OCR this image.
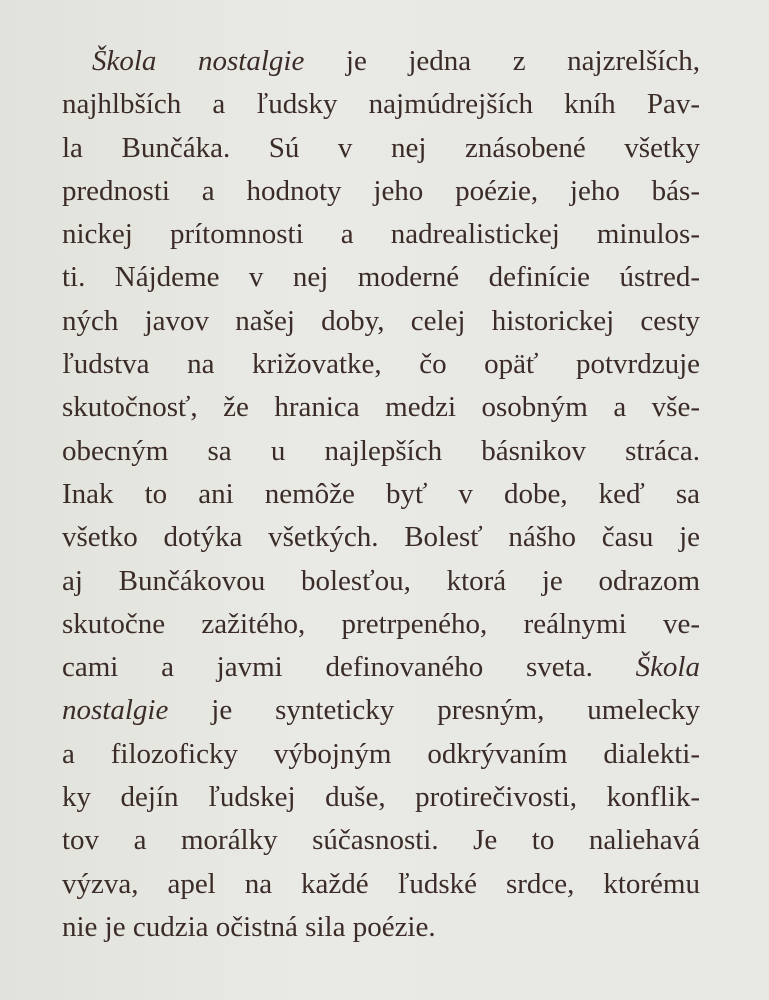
Škola nostalgie je jedna z najzrelších,
najhlbších a ľudsky najmúdrejších kníh Pav-
la Bunčáka. Sú v nej znásobené všetky
prednosti a hodnoty jeho poézie, jeho bás-
nickej prítomnosti a nadrealistickej minulos-
ti. Nájdeme v nej moderné definície ústred-
ných javov našej doby, celej historickej cesty
ľudstva na križovatke, čo opäť potvrdzuje
skutočnosť, že hranica medzi osobným a vše-
obecným sa u najlepších básnikov stráca.
Inak to ani nemôže byť v dobe, keď sa
všetko dotýka všetkých. Bolesť nášho času je
aj Bunčákovou bolesťou, ktorá je odrazom
skutočne zažitého, pretrpeného, reálnymi ve-
cami a javmi definovaného sveta. Škola
nostalgie je synteticky presným, umelecky
a filozoficky výbojným odkrývaním dialekti-
ky dejín ľudskej duše, protirečivosti, konflik-
tov a morálky súčasnosti. Je to naliehavá
výzva, apel na každé ľudské srdce, ktorému
nie je cudzia očistná sila poézie.
